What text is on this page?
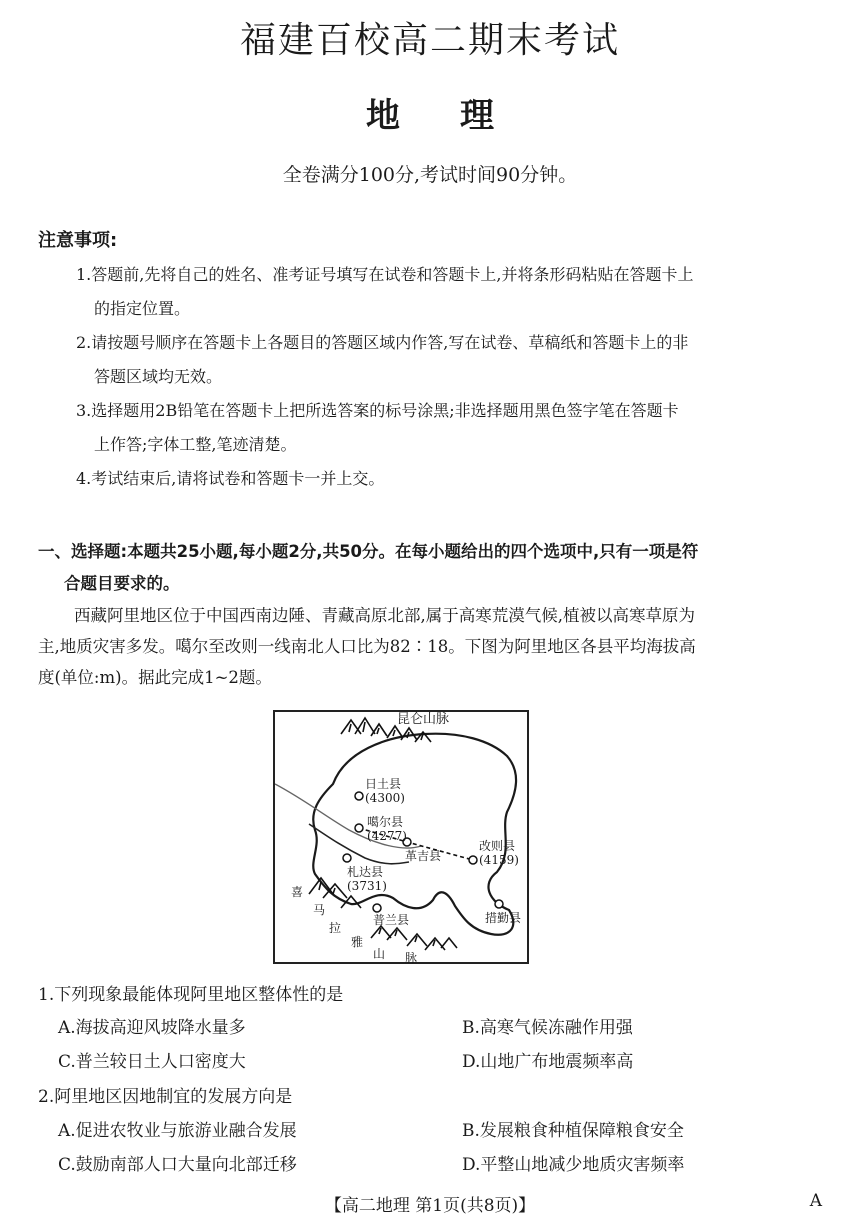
福建百校高二期末考试
地 理
全卷满分100分,考试时间90分钟。
注意事项:
1.答题前,先将自己的姓名、准考证号填写在试卷和答题卡上,并将条形码粘贴在答题卡上
的指定位置。
2.请按题号顺序在答题卡上各题目的答题区域内作答,写在试卷、草稿纸和答题卡上的非
答题区域均无效。
3.选择题用2B铅笔在答题卡上把所选答案的标号涂黑;非选择题用黑色签字笔在答题卡
上作答;字体工整,笔迹清楚。
4.考试结束后,请将试卷和答题卡一并上交。
一、选择题:本题共25小题,每小题2分,共50分。在每小题给出的四个选项中,只有一项是符
合题目要求的。
西藏阿里地区位于中国西南边陲、青藏高原北部,属于高寒荒漠气候,植被以高寒草原为
主,地质灾害多发。噶尔至改则一线南北人口比为82∶18。下图为阿里地区各县平均海拔高
度(单位:m)。据此完成1~2题。
昆仑山脉
日土县
(4300)
噶尔县
(4277)
革吉县
改则县
(4159)
札达县
(3731)
普兰县	措勤县
喜
马
拉
雅
山 脉
1.下列现象最能体现阿里地区整体性的是
A.海拔高迎风坡降水量多	B.高寒气候冻融作用强
C.普兰较日土人口密度大	D.山地广布地震频率高
2.阿里地区因地制宜的发展方向是
A.促进农牧业与旅游业融合发展	B.发展粮食种植保障粮食安全
C.鼓励南部人口大量向北部迁移	D.平整山地减少地质灾害频率
【高二地理 第1页(共8页)】	A
